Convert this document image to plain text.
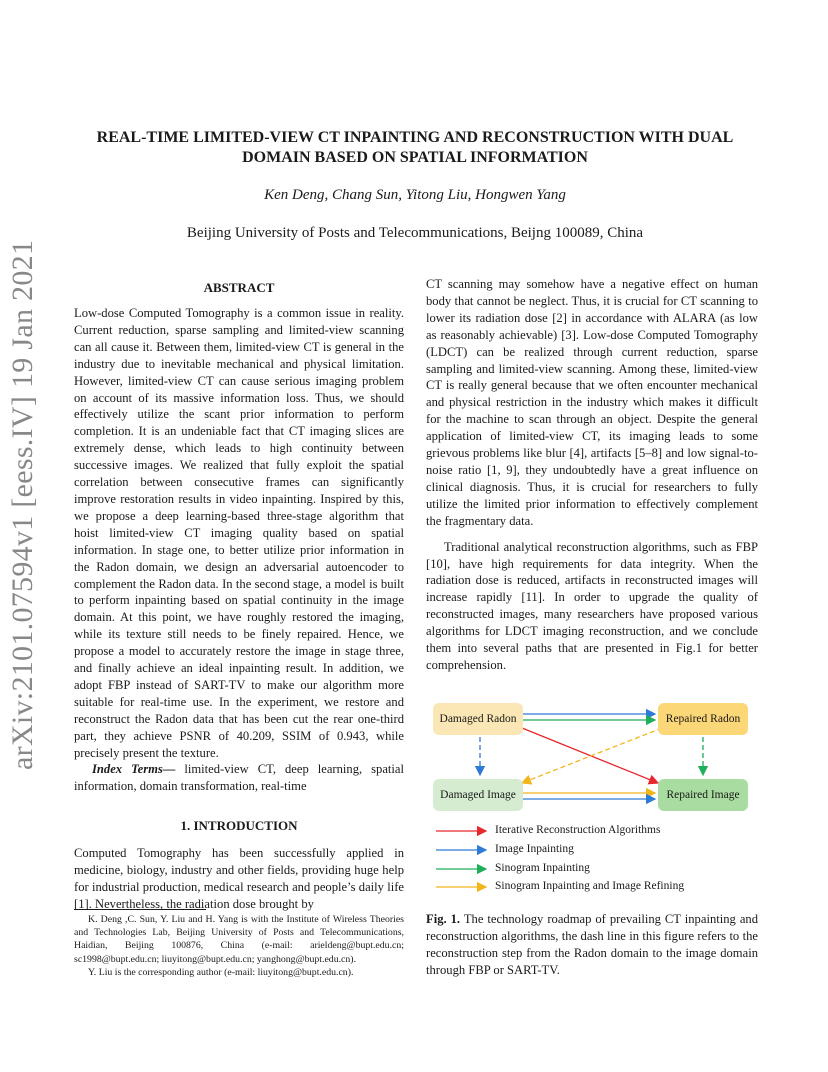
arXiv:2101.07594v1 [eess.IV] 19 Jan 2021
REAL-TIME LIMITED-VIEW CT INPAINTING AND RECONSTRUCTION WITH DUAL
DOMAIN BASED ON SPATIAL INFORMATION
Ken Deng, Chang Sun, Yitong Liu, Hongwen Yang
Beijing University of Posts and Telecommunications, Beijng 100089, China
ABSTRACT

Low-dose Computed Tomography is a common issue in reality. Current reduction, sparse sampling and limited-view scanning can all cause it. Between them, limited-view CT is general in the industry due to inevitable mechanical and physical limitation. However, limited-view CT can cause serious imaging problem on account of its massive information loss. Thus, we should effectively utilize the scant prior information to perform completion. It is an undeniable fact that CT imaging slices are extremely dense, which leads to high continuity between successive images. We realized that fully exploit the spatial correlation between consecutive frames can significantly improve restoration results in video inpainting. Inspired by this, we propose a deep learning-based three-stage algorithm that hoist limited-view CT imaging quality based on spatial information. In stage one, to better utilize prior information in the Radon domain, we design an adversarial autoencoder to complement the Radon data. In the second stage, a model is built to perform inpainting based on spatial continuity in the image domain. At this point, we have roughly restored the imaging, while its texture still needs to be finely repaired. Hence, we propose a model to accurately restore the image in stage three, and finally achieve an ideal inpainting result. In addition, we adopt FBP instead of SART-TV to make our algorithm more suitable for real-time use. In the experiment, we restore and reconstruct the Radon data that has been cut the rear one-third part, they achieve PSNR of 40.209, SSIM of 0.943, while precisely present the texture.

Index Terms— limited-view CT, deep learning, spatial information, domain transformation, real-time

1. INTRODUCTION

Computed Tomography has been successfully applied in medicine, biology, industry and other fields, providing huge help for industrial production, medical research and people’s daily life [1]. Nevertheless, the radiation dose brought by

K. Deng ,C. Sun, Y. Liu and H. Yang is with the Institute of Wireless Theories and Technologies Lab, Beijing University of Posts and Telecommunications, Haidian, Beijing 100876, China (e-mail: arieldeng@bupt.edu.cn; sc1998@bupt.edu.cn; liuyitong@bupt.edu.cn; yanghong@bupt.edu.cn).

Y. Liu is the corresponding author (e-mail: liuyitong@bupt.edu.cn).

CT scanning may somehow have a negative effect on human body that cannot be neglect. Thus, it is crucial for CT scanning to lower its radiation dose [2] in accordance with ALARA (as low as reasonably achievable) [3]. Low-dose Computed Tomography (LDCT) can be realized through current reduction, sparse sampling and limited-view scanning. Among these, limited-view CT is really general because that we often encounter mechanical and physical restriction in the industry which makes it difficult for the machine to scan through an object. Despite the general application of limited-view CT, its imaging leads to some grievous problems like blur [4], artifacts [5–8] and low signal-to-noise ratio [1, 9], they undoubtedly have a great influence on clinical diagnosis. Thus, it is crucial for researchers to fully utilize the limited prior information to effectively complement the fragmentary data.

Traditional analytical reconstruction algorithms, such as FBP [10], have high requirements for data integrity. When the radiation dose is reduced, artifacts in reconstructed images will increase rapidly [11]. In order to upgrade the quality of reconstructed images, many researchers have proposed various algorithms for LDCT imaging reconstruction, and we conclude them into several paths that are presented in Fig.1 for better comprehension.

Damaged Radon	Repaired Radon
Damaged Image	Repaired Image
Iterative Reconstruction Algorithms
Image Inpainting
Sinogram Inpainting
Sinogram Inpainting and Image Refining

Fig. 1. The technology roadmap of prevailing CT inpainting and reconstruction algorithms, the dash line in this figure refers to the reconstruction step from the Radon domain to the image domain through FBP or SART-TV.
